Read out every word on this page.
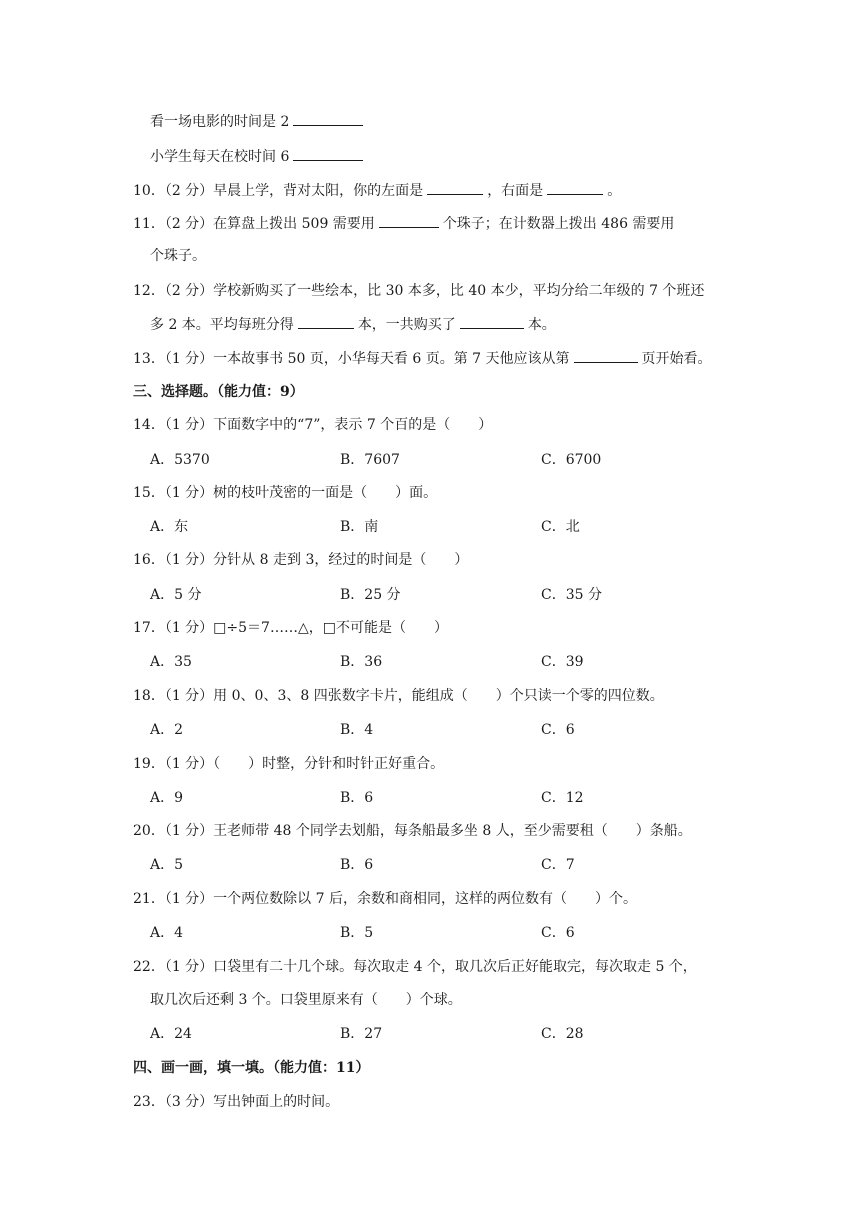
看一场电影的时间是 2
小学生每天在校时间 6
10．（2 分）早晨上学，背对太阳，你的左面是	，右面是	。
11．（2 分）在算盘上拨出 509 需要用	个珠子；在计数器上拨出 486 需要用
个珠子。
12．（2 分）学校新购买了一些绘本，比 30 本多，比 40 本少，平均分给二年级的 7 个班还
多 2 本。平均每班分得	本，一共购买了	本。
13．（1 分）一本故事书 50 页，小华每天看 6 页。第 7 天他应该从第	页开始看。
三、选择题。（能力值：9）
14．（1 分）下面数字中的“7”，表示 7 个百的是（　　）
A．5370	B．7607	C．6700
15．（1 分）树的枝叶茂密的一面是（　　）面。
A．东	B．南	C．北
16．（1 分）分针从 8 走到 3，经过的时间是（　　）
A．5 分	B．25 分	C．35 分
17．（1 分）□÷5＝7……△，□不可能是（　　）
A．35	B．36	C．39
18．（1 分）用 0、0、3、8 四张数字卡片，能组成（　　）个只读一个零的四位数。
A．2	B．4	C．6
19．（1 分）（　　）时整，分针和时针正好重合。
A．9	B．6	C．12
20．（1 分）王老师带 48 个同学去划船，每条船最多坐 8 人，至少需要租（　　）条船。
A．5	B．6	C．7
21．（1 分）一个两位数除以 7 后，余数和商相同，这样的两位数有（　　）个。
A．4	B．5	C．6
22．（1 分）口袋里有二十几个球。每次取走 4 个，取几次后正好能取完，每次取走 5 个，
取几次后还剩 3 个。口袋里原来有（　　）个球。
A．24	B．27	C．28
四、画一画，填一填。（能力值：11）
23．（3 分）写出钟面上的时间。
